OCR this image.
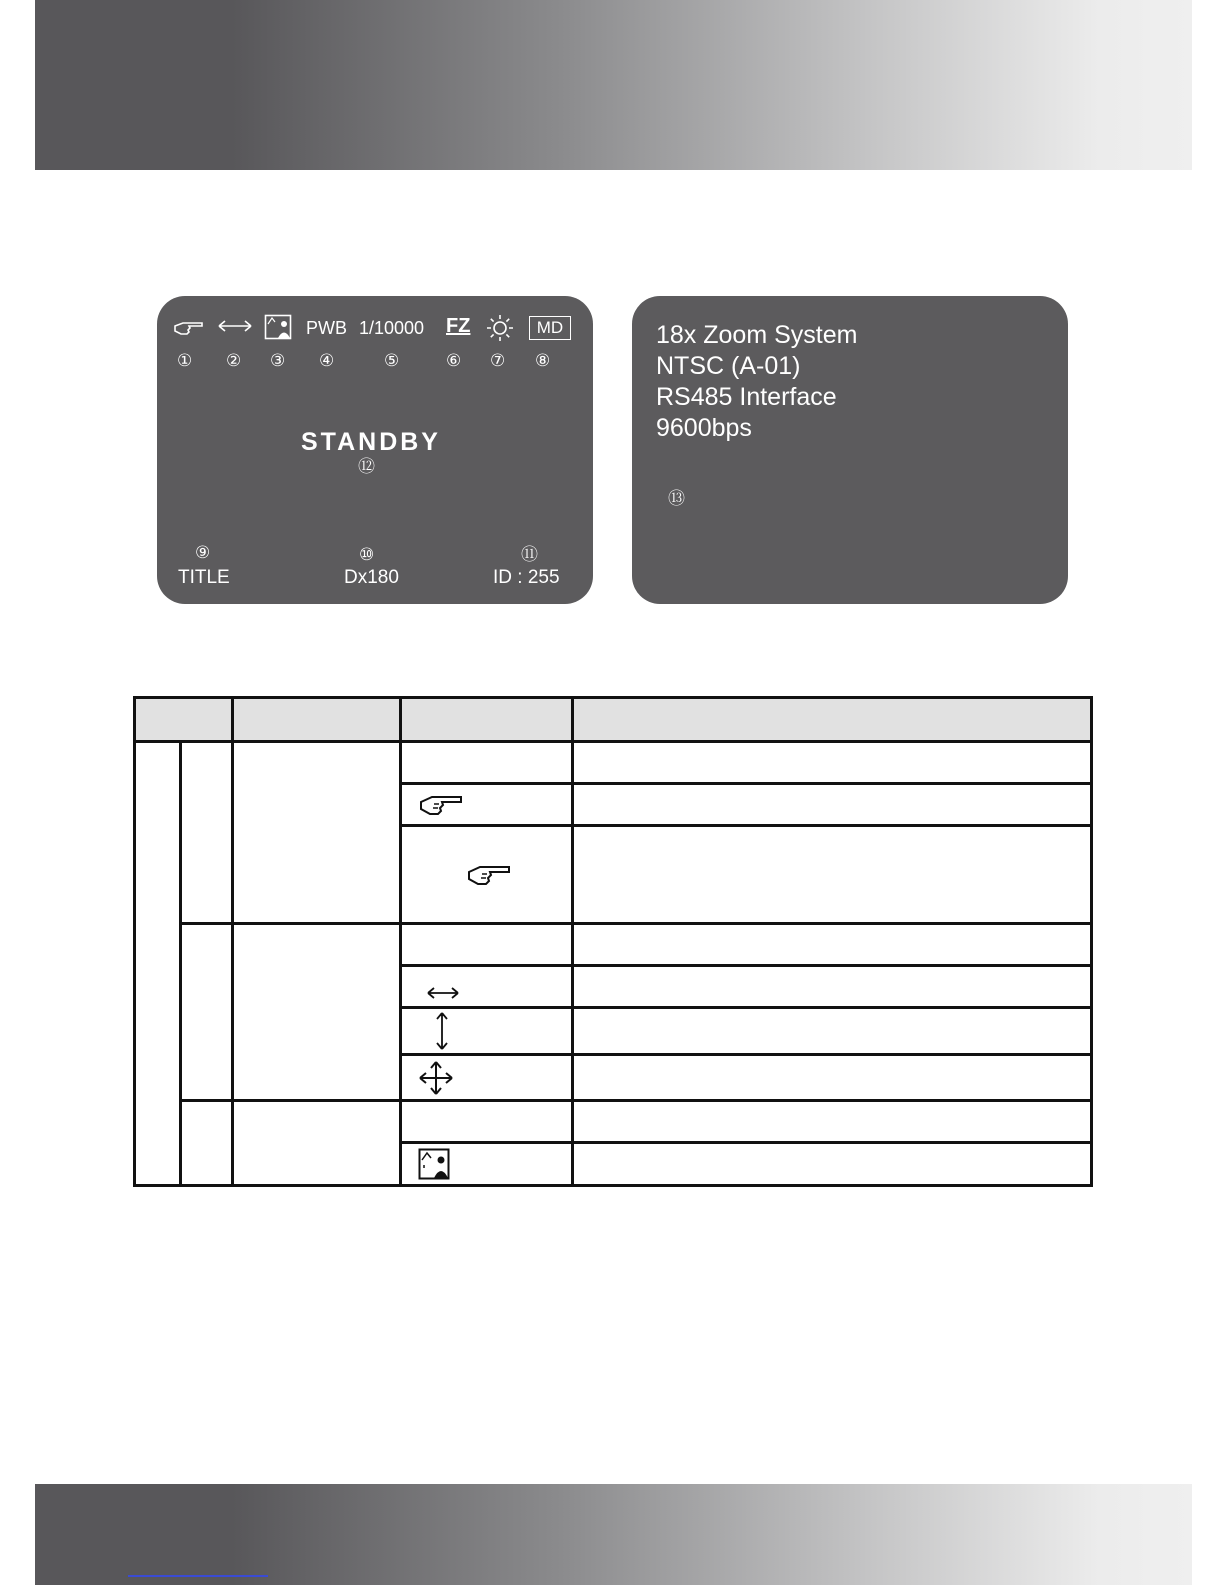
PWB 1/10000 FZ	MD
① ② ③ ④	⑤	⑥ ⑦ ⑧
STANDBY
⑫
⑨	⑩	⑪
TITLE	Dx180	ID : 255
18x Zoom System
NTSC (A-01)
RS485 Interface
9600bps
⑬
